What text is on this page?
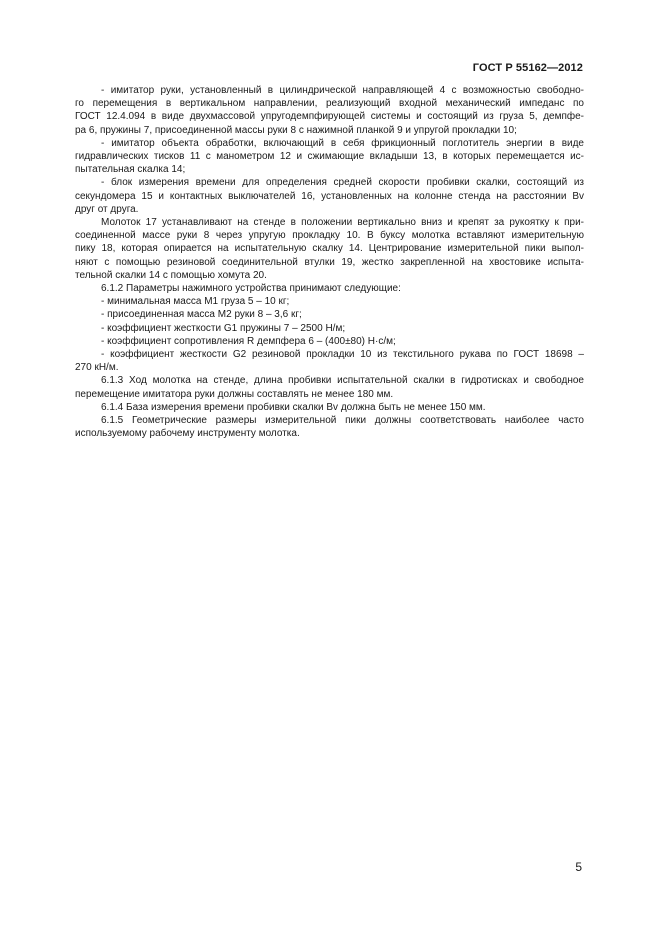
ГОСТ Р 55162—2012
- имитатор руки, установленный в цилиндрической направляющей 4 с возможностью свободно-
го перемещения в вертикальном направлении, реализующий входной механический импеданс по
ГОСТ 12.4.094 в виде двухмассовой упругодемпфирующей системы и состоящий из груза 5, демпфе-
ра 6, пружины 7, присоединенной массы руки 8 с нажимной планкой 9 и упругой прокладки 10;
- имитатор объекта обработки, включающий в себя фрикционный поглотитель энергии в виде
гидравлических тисков 11 с манометром 12 и сжимающие вкладыши 13, в которых перемещается ис-
пытательная скалка 14;
- блок измерения времени для определения средней скорости пробивки скалки, состоящий из
секундомера 15 и контактных выключателей 16, установленных на колонне стенда на расстоянии Bv
друг от друга.
Молоток 17 устанавливают на стенде в положении вертикально вниз и крепят за рукоятку к при-
соединенной массе руки 8 через упругую прокладку 10. В буксу молотка вставляют измерительную
пику 18, которая опирается на испытательную скалку 14. Центрирование измерительной пики выпол-
няют с помощью резиновой соединительной втулки 19, жестко закрепленной на хвостовике испыта-
тельной скалки 14 с помощью хомута 20.
6.1.2 Параметры нажимного устройства принимают следующие:
- минимальная масса M1 груза 5 – 10 кг;
- присоединенная масса M2 руки 8 – 3,6 кг;
- коэффициент жесткости G1 пружины 7 – 2500 Н/м;
- коэффициент сопротивления R демпфера 6 – (400±80) Н·с/м;
- коэффициент жесткости G2 резиновой прокладки 10 из текстильного рукава по ГОСТ 18698 –
270 кН/м.
6.1.3 Ход молотка на стенде, длина пробивки испытательной скалки в гидротисках и свободное
перемещение имитатора руки должны составлять не менее 180 мм.
6.1.4 База измерения времени пробивки скалки Bv должна быть не менее 150 мм.
6.1.5 Геометрические размеры измерительной пики должны соответствовать наиболее часто
используемому рабочему инструменту молотка.
5
